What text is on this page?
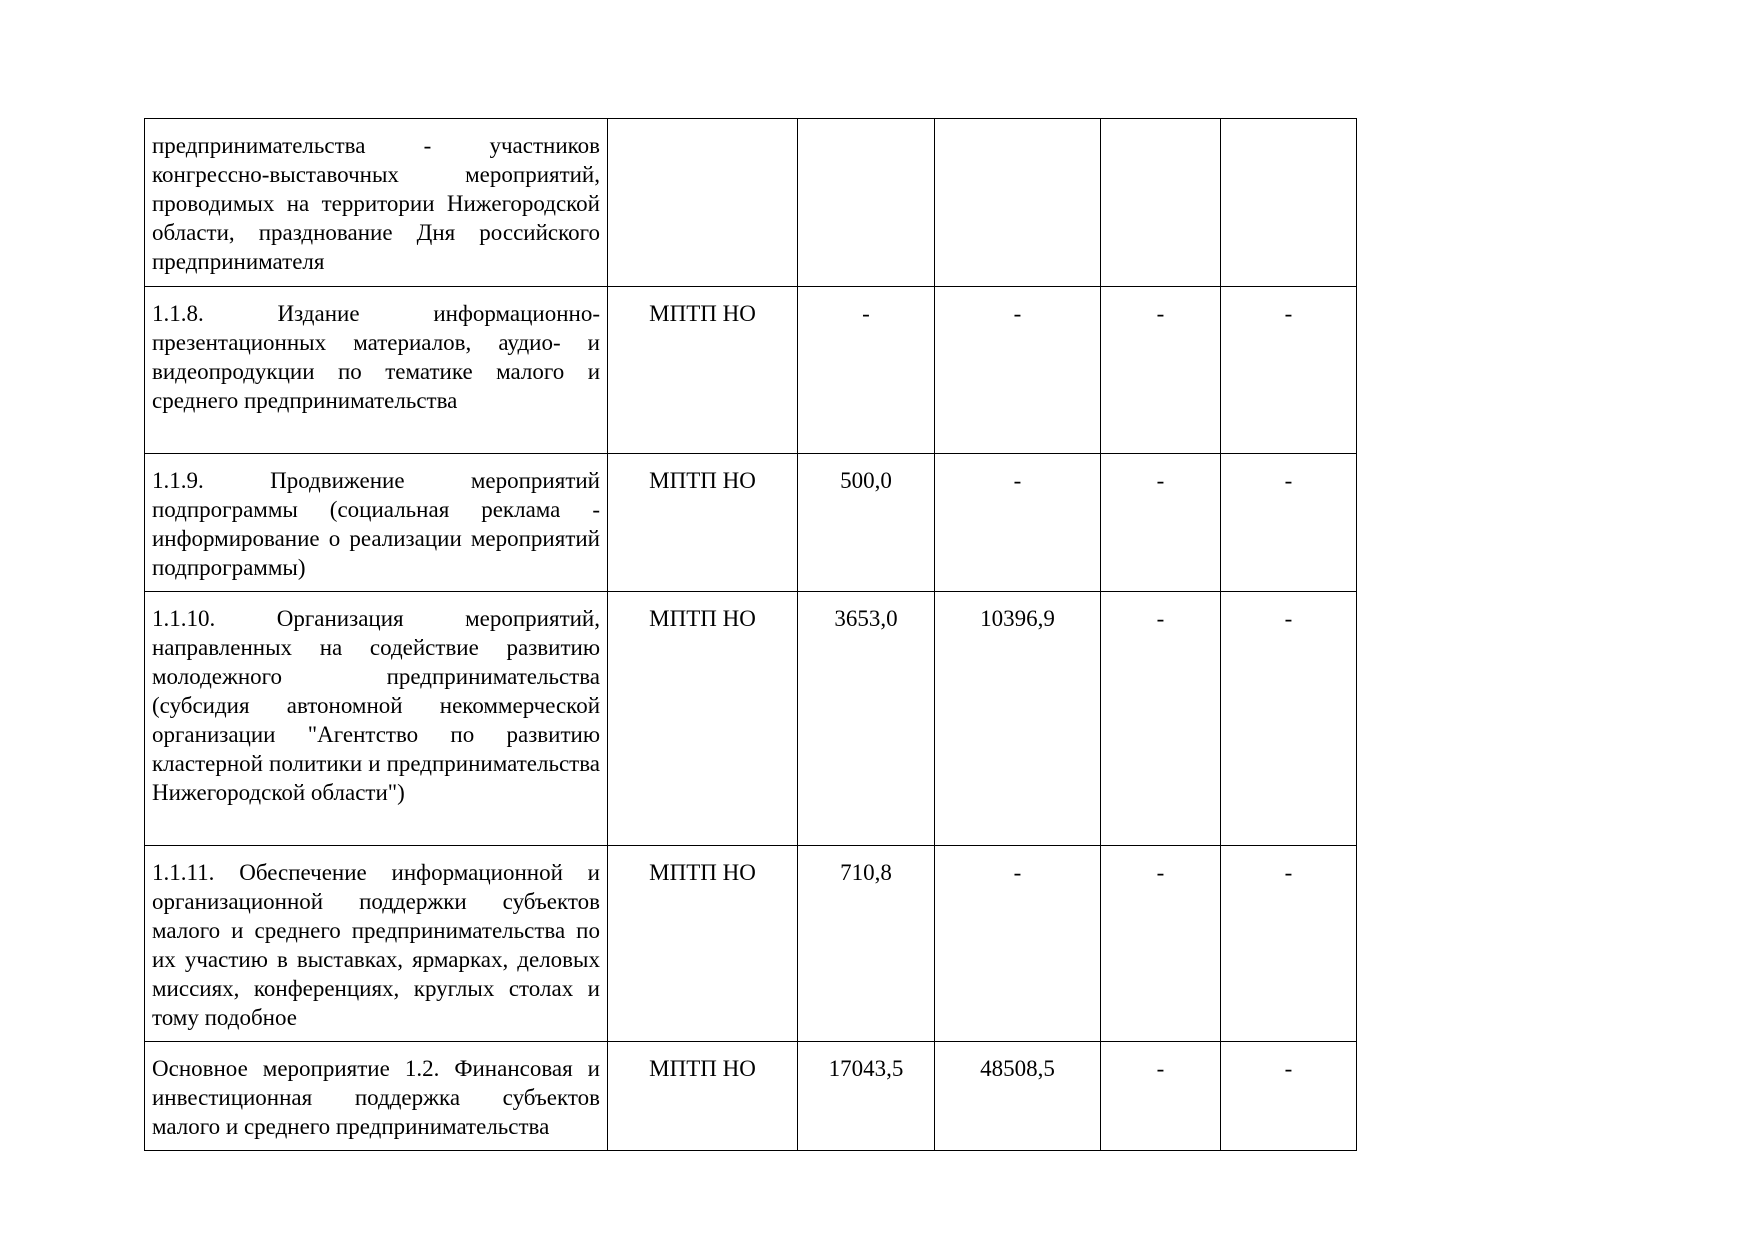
предпринимательства - участников конгрессно-выставочных мероприятий, проводимых на территории Нижегородской области, празднование Дня российского предпринимателя					
1.1.8. Издание информационно-презентационных материалов, аудио- и видеопродукции по тематике малого и среднего предпринимательства	МПТП НО	-	-	-	-
1.1.9. Продвижение мероприятий подпрограммы (социальная реклама - информирование о реализации мероприятий подпрограммы)	МПТП НО	500,0	-	-	-
1.1.10. Организация мероприятий, направленных на содействие развитию молодежного предпринимательства (субсидия автономной некоммерческой организации "Агентство по развитию кластерной политики и предпринимательства Нижегородской области")	МПТП НО	3653,0	10396,9	-	-
1.1.11. Обеспечение информационной и организационной поддержки субъектов малого и среднего предпринимательства по их участию в выставках, ярмарках, деловых миссиях, конференциях, круглых столах и тому подобное	МПТП НО	710,8	-	-	-
Основное мероприятие 1.2. Финансовая и инвестиционная поддержка субъектов малого и среднего предпринимательства	МПТП НО	17043,5	48508,5	-	-
